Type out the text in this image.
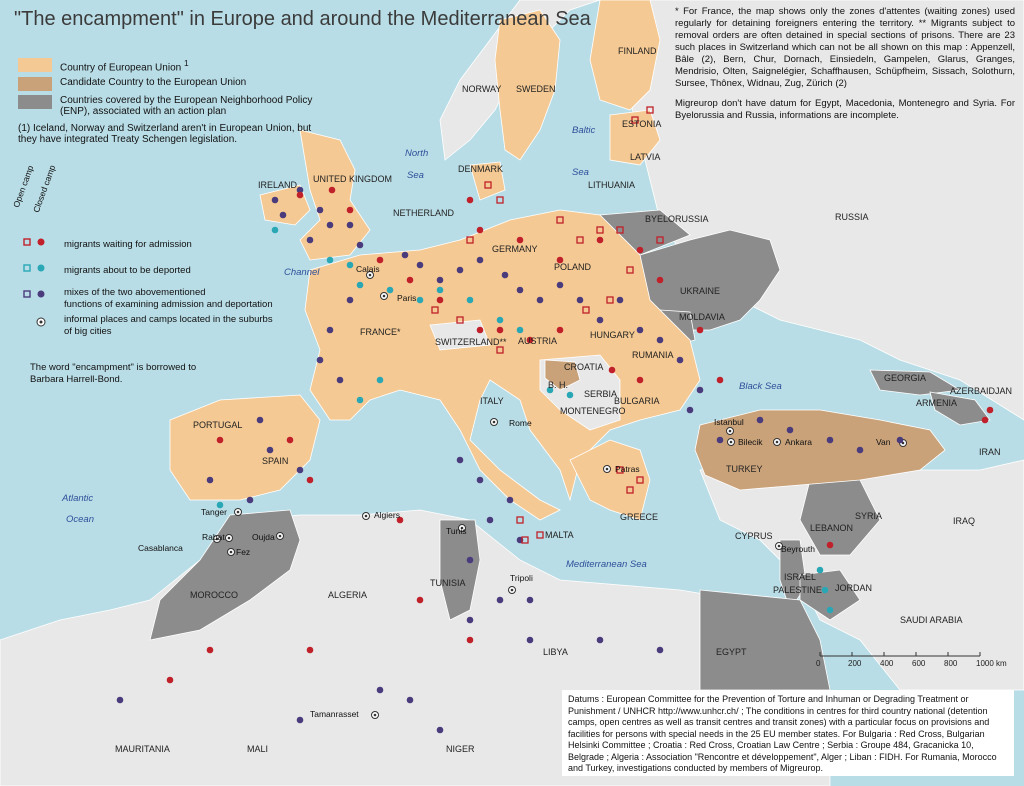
FINLAND
NORWAY SWEDEN
ESTONIA
LATVIA
LITHUANIA
DENMARK
IRELAND
UNITED KINGDOM
NETHERLAND
GERMANY
POLAND
BYELORUSSIA	RUSSIA
UKRAINE
MOLDAVIA
FRANCE*
SWITZERLAND** AUSTRIA
HUNGARY
RUMANIA
CROATIA
B. H.
SERBIA
MONTENEGRO
BULGARIA
ITALY
PORTUGAL
SPAIN
GREECE
TURKEY
GEORGIA
ARMENIA
AZERBAIDJAN
IRAN
SYRIA	IRAQ
LEBANON
CYPRUS
ISRAEL
PALESTINE JORDAN
SAUDI ARABIA
MOROCCO	ALGERIA
TUNISIA
LIBYA	EGYPT
MAURITANIA	MALI	NIGER
MALTA
North
Sea
Baltic
Sea
Channel
Black Sea
Atlantic
Ocean
Mediterranean Sea
Calais
Paris
Rome	Istanbul
Bilecik	Ankara	Van
Patras
Tanger
Rabat	Oujda
Casablanca	Fez
Algiers
Tunis
Tripoli
Beyrouth
Tamanrasset
0	200 400 600 800 1000 km
"The encampment" in Europe and around the Mediterranean Sea
Country of European Union $^1$
Candidate Country to the European Union
Countries covered by the European Neighborhood Policy (ENP), associated with an action plan
(1) Iceland, Norway and Switzerland aren't in European Union, but they have integrated Treaty Schengen legislation.
Open camp
Closed camp
migrants waiting for admission
migrants about to be deported
mixes of the two abovementioned
functions of examining admission and deportation
informal places and camps located in the suburbs
of big cities
The word "encampment" is borrowed to
Barbara Harrell-Bond.
* For France, the map shows only the zones d'attentes (waiting zones) used regularly for detaining foreigners entering the territory. ** Migrants subject to removal orders are often detained in special sections of prisons. There are 23 such places in Switzerland which can not be all shown on this map : Appenzell, Bâle (2), Bern, Chur, Dornach, Einsiedeln, Gampelen, Glarus, Granges, Mendrisio, Olten, Saignelégier, Schaffhausen, Schüpfheim, Sissach, Solothurn, Sursee, Thônex, Widnau, Zug, Zürich (2)
Migreurop don't have datum for Egypt, Macedonia, Montenegro and Syria. For Byelorussia and Russia, informations are incomplete.
Datums : European Committee for the Prevention of Torture and Inhuman or Degrading Treatment or Punishment / UNHCR http://www.unhcr.ch/ ; The conditions in centres for third country national (detention camps, open centres as well as transit centres and transit zones) with a particular focus on provisions and facilities for persons with special needs in the 25 EU member states. For Bulgaria : Red Cross, Bulgarian Helsinki Committee ; Croatia : Red Cross, Croatian Law Centre ; Serbia : Groupe 484, Gracanicka 10, Belgrade ; Algeria : Association "Rencontre et développement", Alger ; Liban : FIDH. For Rumania, Morocco and Turkey, investigations conducted by members of Migreurop.
